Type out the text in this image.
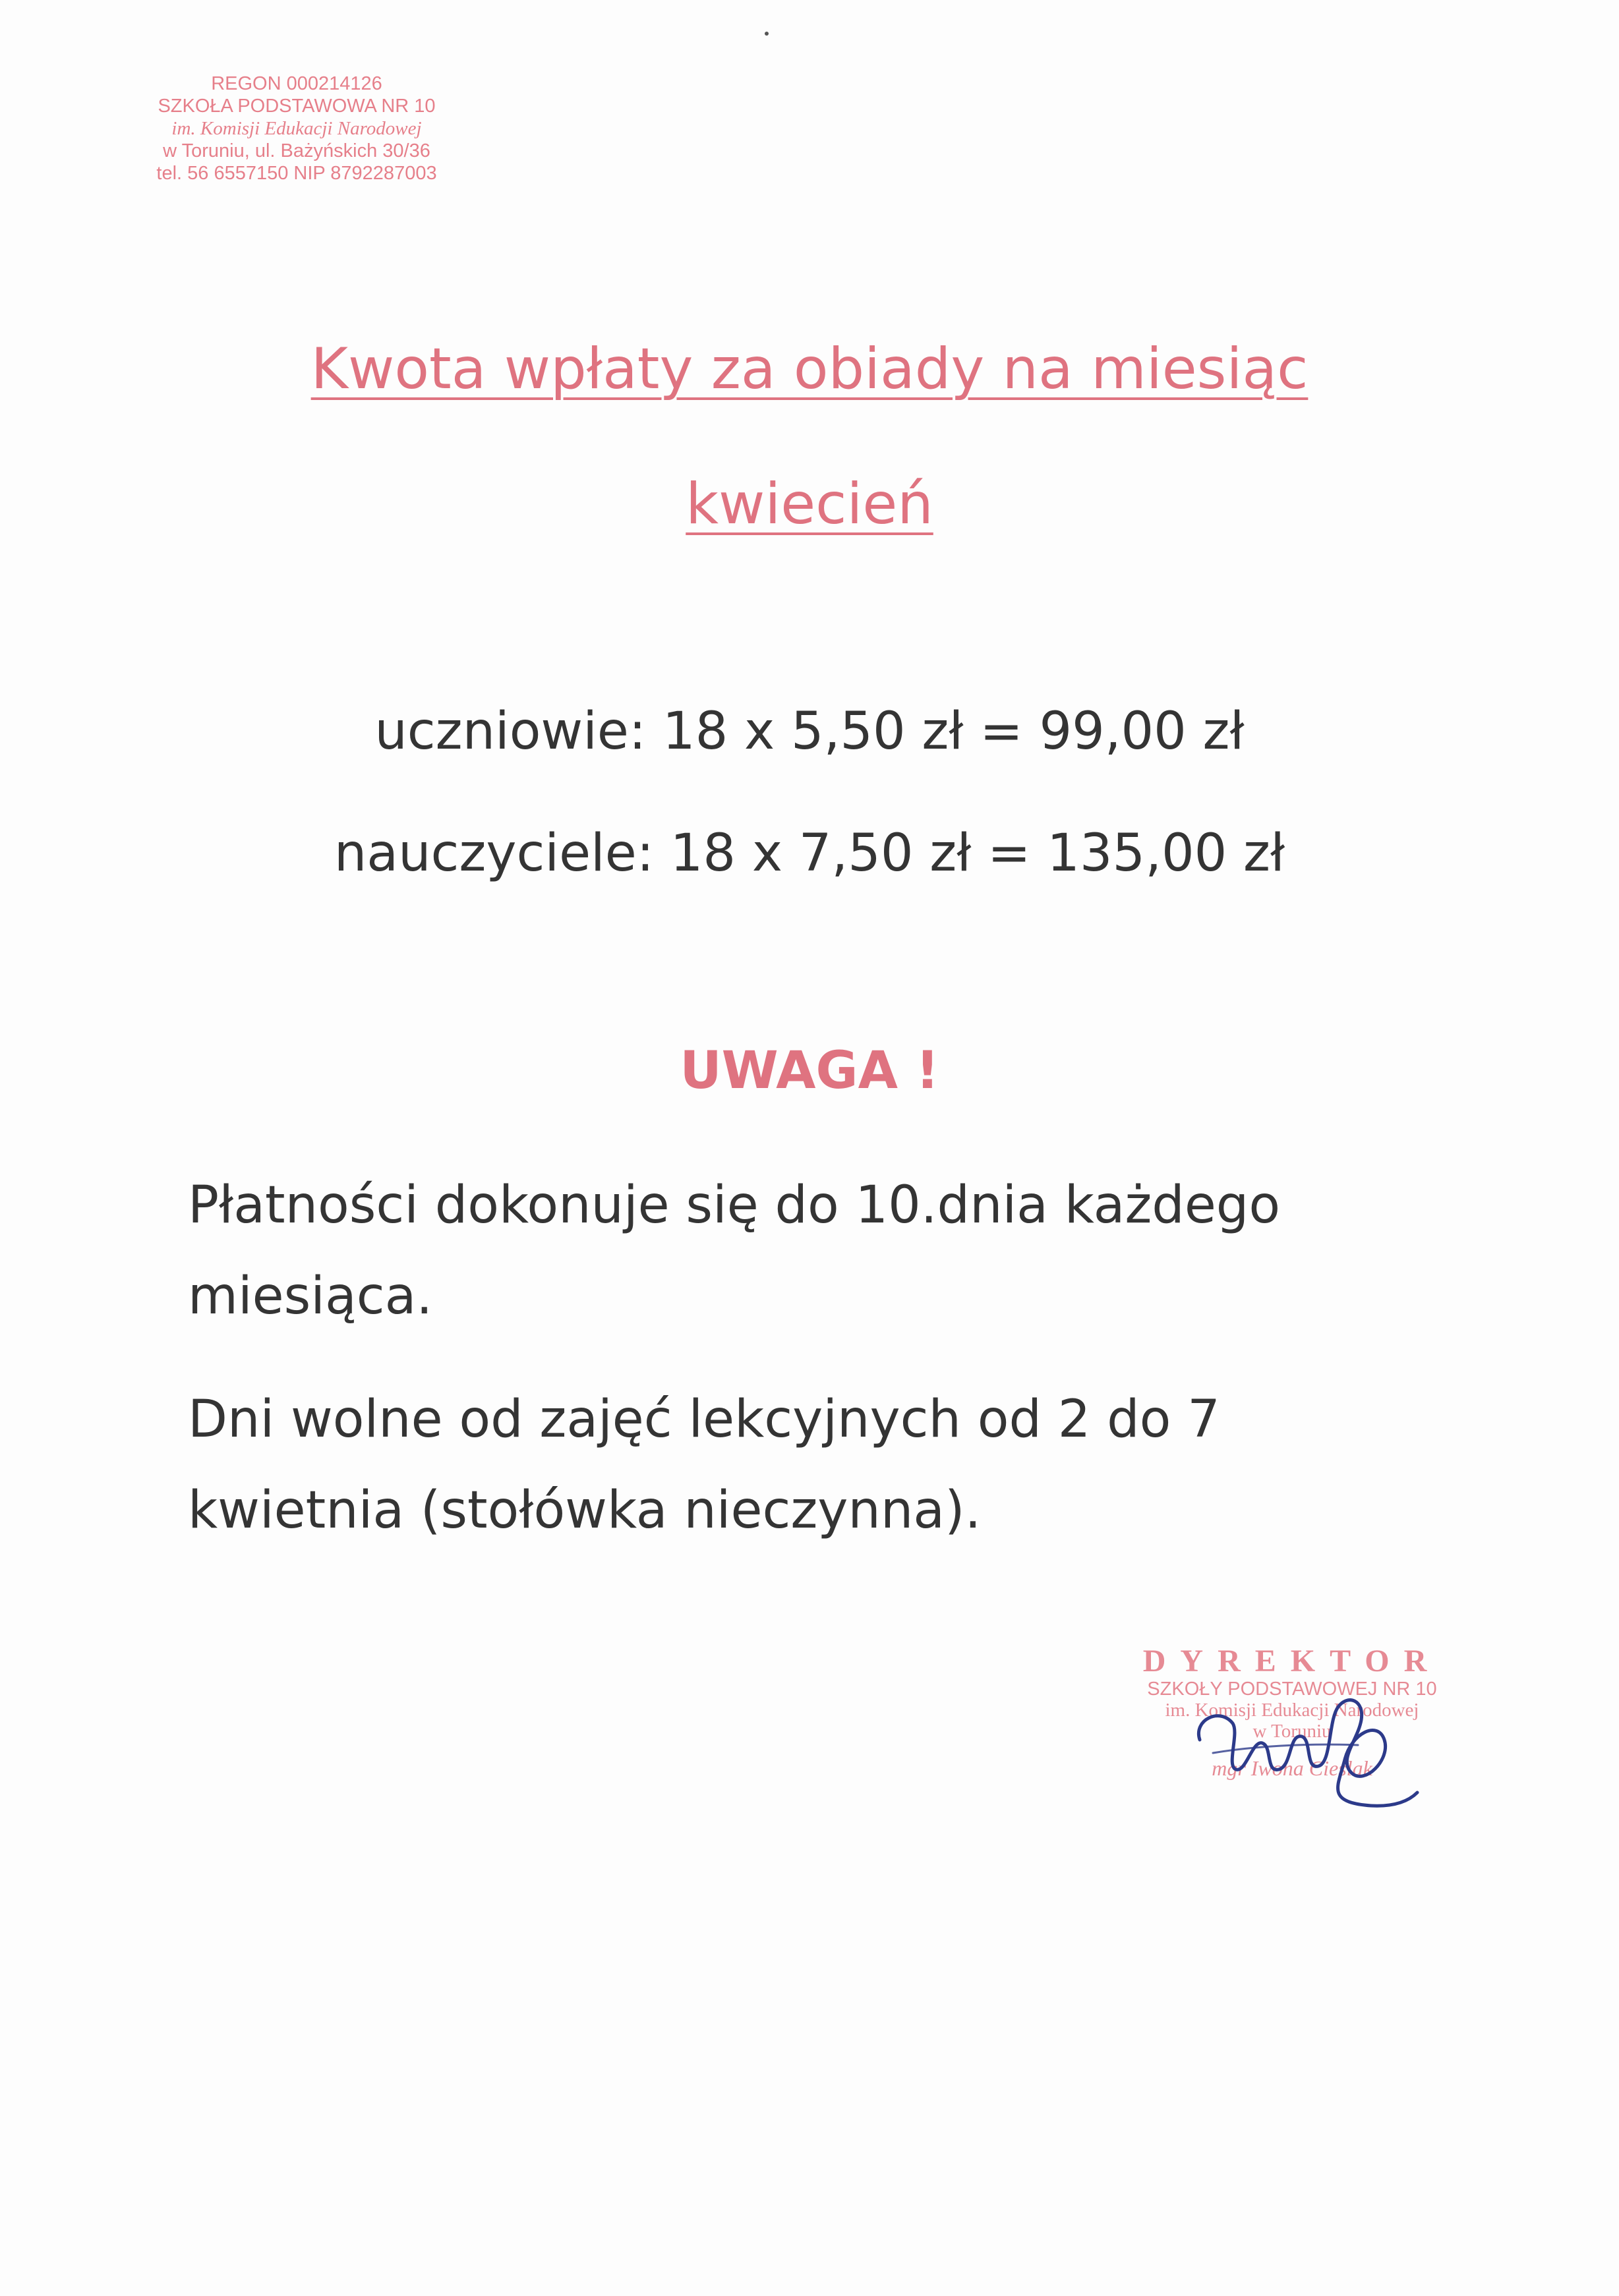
REGON 000214126
SZKOŁA PODSTAWOWA NR 10
im. Komisji Edukacji Narodowej
w Toruniu, ul. Bażyńskich 30/36
tel. 56 6557150 NIP 8792287003
Kwota wpłaty za obiady na miesiąc
kwiecień
uczniowie: 18 x 5,50 zł = 99,00 zł
nauczyciele: 18 x 7,50 zł = 135,00 zł
UWAGA !
Płatności dokonuje się do 10.dnia każdego miesiąca.
Dni wolne od zajęć lekcyjnych od 2 do 7 kwietnia (stołówka nieczynna).
DYREKTOR
SZKOŁY PODSTAWOWEJ NR 10
im. Komisji Edukacji Narodowej
w Toruniu
mgr Iwona Cieślak
